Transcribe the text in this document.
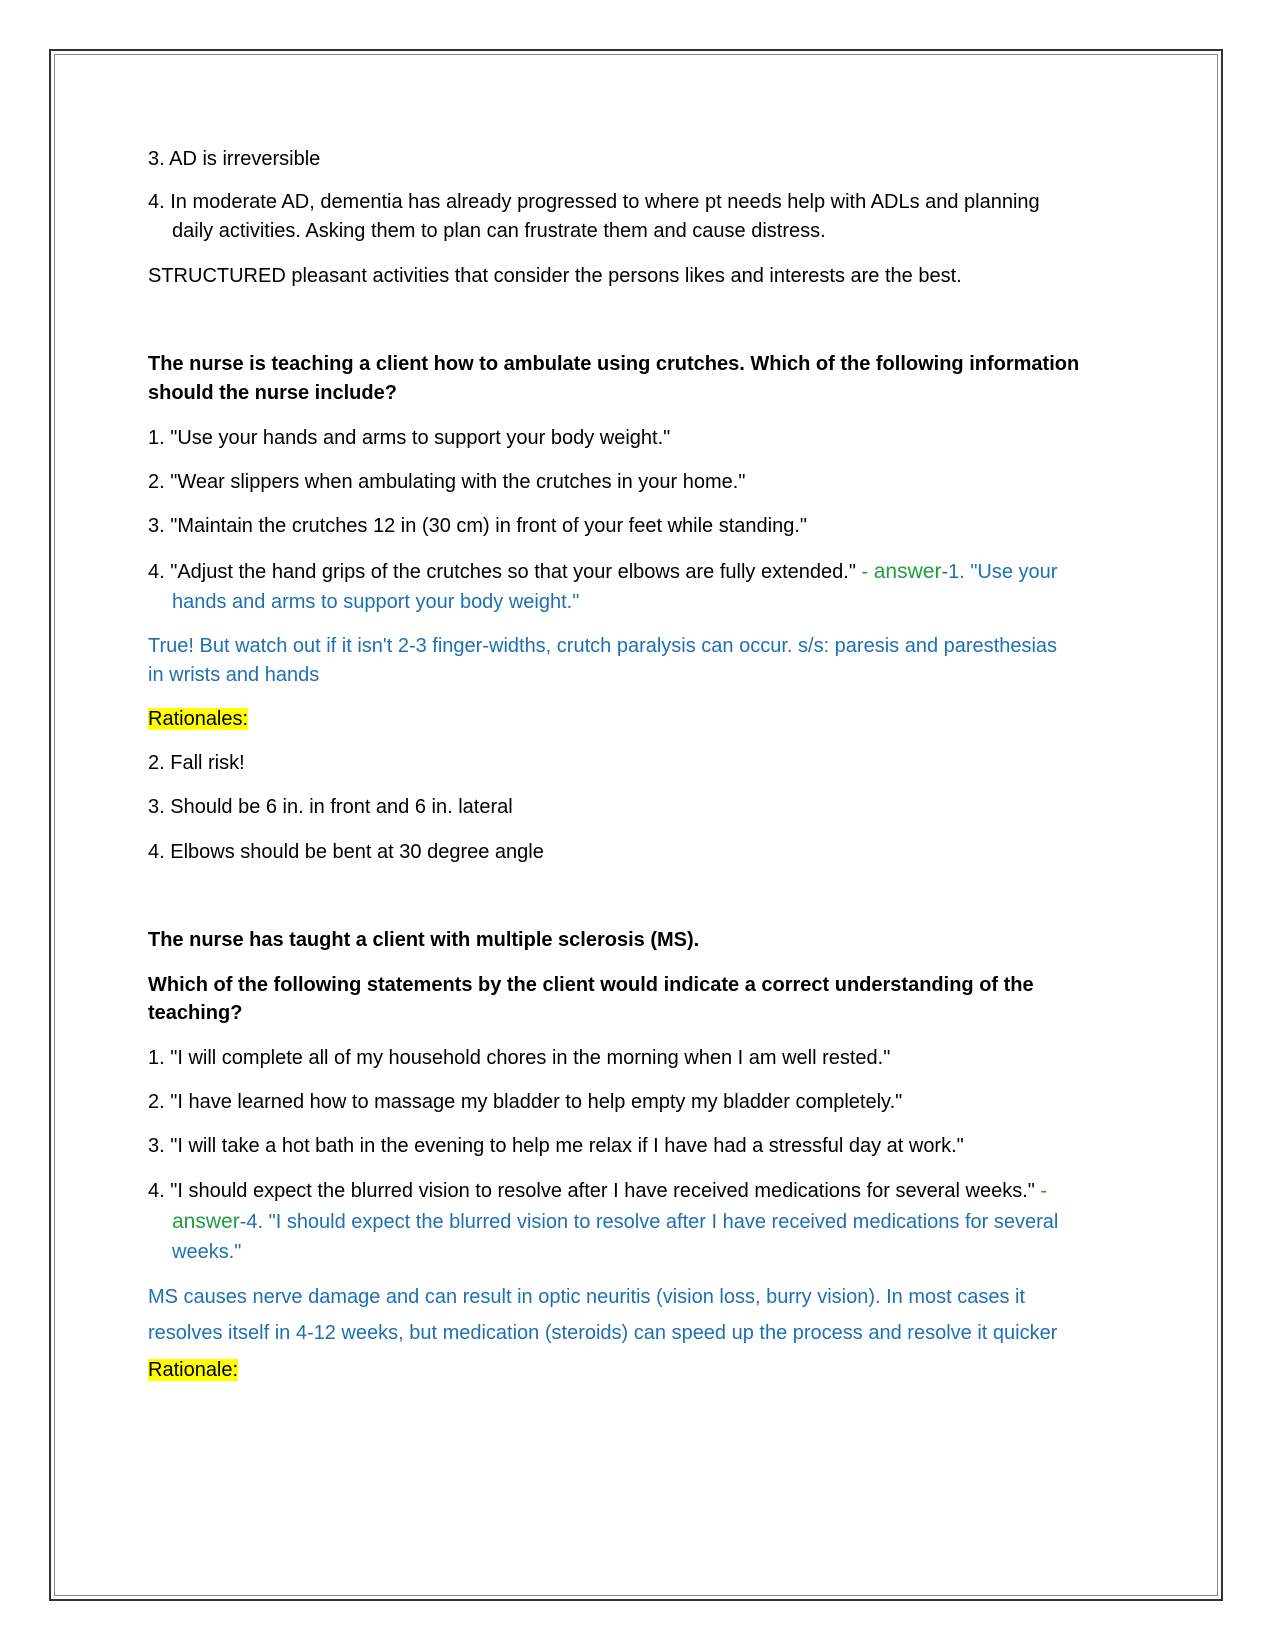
3. AD is irreversible
4. In moderate AD, dementia has already progressed to where pt needs help with ADLs and planning
daily activities. Asking them to plan can frustrate them and cause distress.
STRUCTURED pleasant activities that consider the persons likes and interests are the best.
The nurse is teaching a client how to ambulate using crutches. Which of the following information
should the nurse include?
1. "Use your hands and arms to support your body weight."
2. "Wear slippers when ambulating with the crutches in your home."
3. "Maintain the crutches 12 in (30 cm) in front of your feet while standing."
4. "Adjust the hand grips of the crutches so that your elbows are fully extended." - answer-1. "Use your
hands and arms to support your body weight."
True! But watch out if it isn't 2-3 finger-widths, crutch paralysis can occur. s/s: paresis and paresthesias
in wrists and hands
Rationales:
2. Fall risk!
3. Should be 6 in. in front and 6 in. lateral
4. Elbows should be bent at 30 degree angle
The nurse has taught a client with multiple sclerosis (MS).
Which of the following statements by the client would indicate a correct understanding of the
teaching?
1. "I will complete all of my household chores in the morning when I am well rested."
2. "I have learned how to massage my bladder to help empty my bladder completely."
3. "I will take a hot bath in the evening to help me relax if I have had a stressful day at work."
4. "I should expect the blurred vision to resolve after I have received medications for several weeks." -
answer-4. "I should expect the blurred vision to resolve after I have received medications for several
weeks."
MS causes nerve damage and can result in optic neuritis (vision loss, burry vision). In most cases it
resolves itself in 4-12 weeks, but medication (steroids) can speed up the process and resolve it quicker
Rationale:
